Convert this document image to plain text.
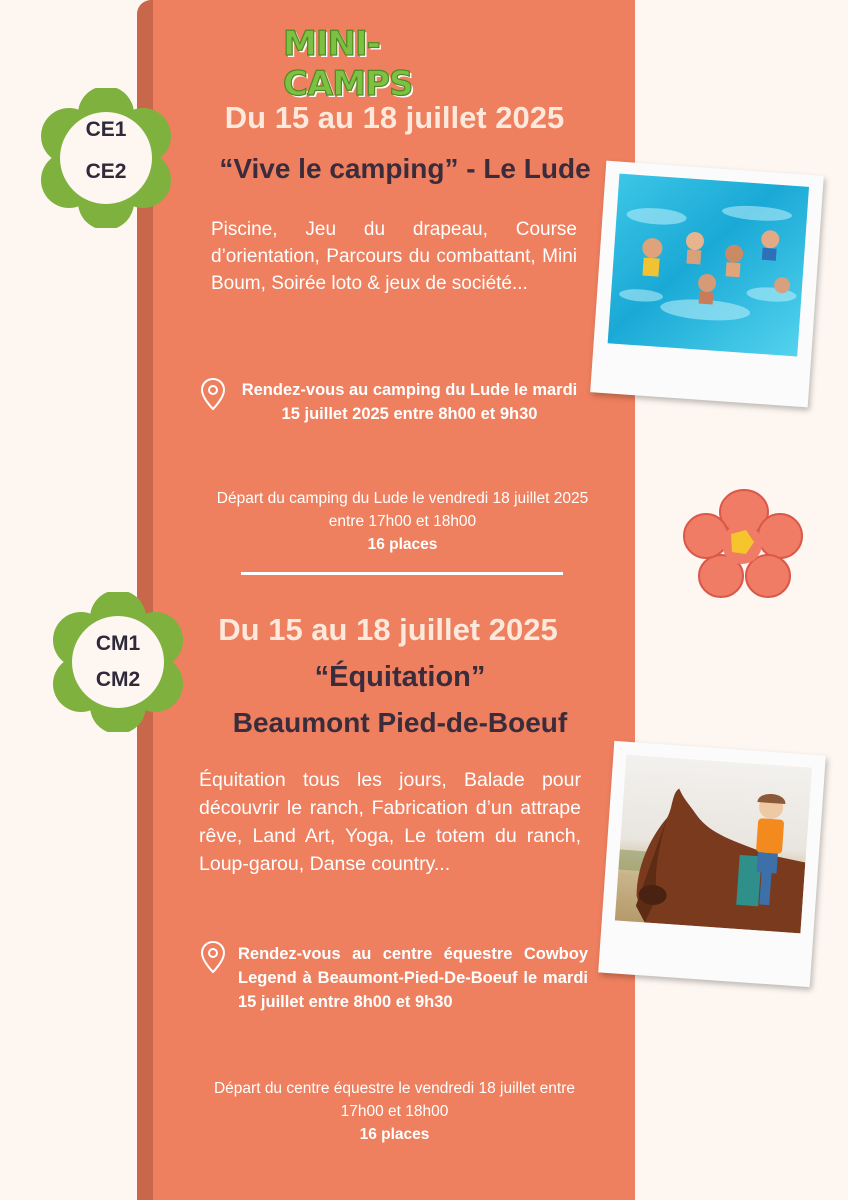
MINI-CAMPS
CE1
CE2
Du 15 au 18 juillet 2025
“Vive le camping” - Le Lude
Piscine, Jeu du drapeau, Course d’orientation, Parcours du combattant, Mini Boum, Soirée loto & jeux de société...
Rendez-vous au camping du Lude le mardi 15 juillet 2025 entre 8h00 et 9h30
Départ du camping du Lude le vendredi 18 juillet 2025 entre 17h00 et 18h00
16 places
CM1
CM2
Du 15 au 18 juillet 2025
“Équitation”
Beaumont Pied-de-Boeuf
Équitation tous les jours, Balade pour découvrir le ranch, Fabrication d’un attrape rêve, Land Art, Yoga, Le totem du ranch, Loup-garou, Danse country...
Rendez-vous au centre équestre Cowboy Legend à Beaumont-Pied-De-Boeuf le mardi 15 juillet entre 8h00 et 9h30
Départ du centre équestre le vendredi 18 juillet entre 17h00 et 18h00
16 places
